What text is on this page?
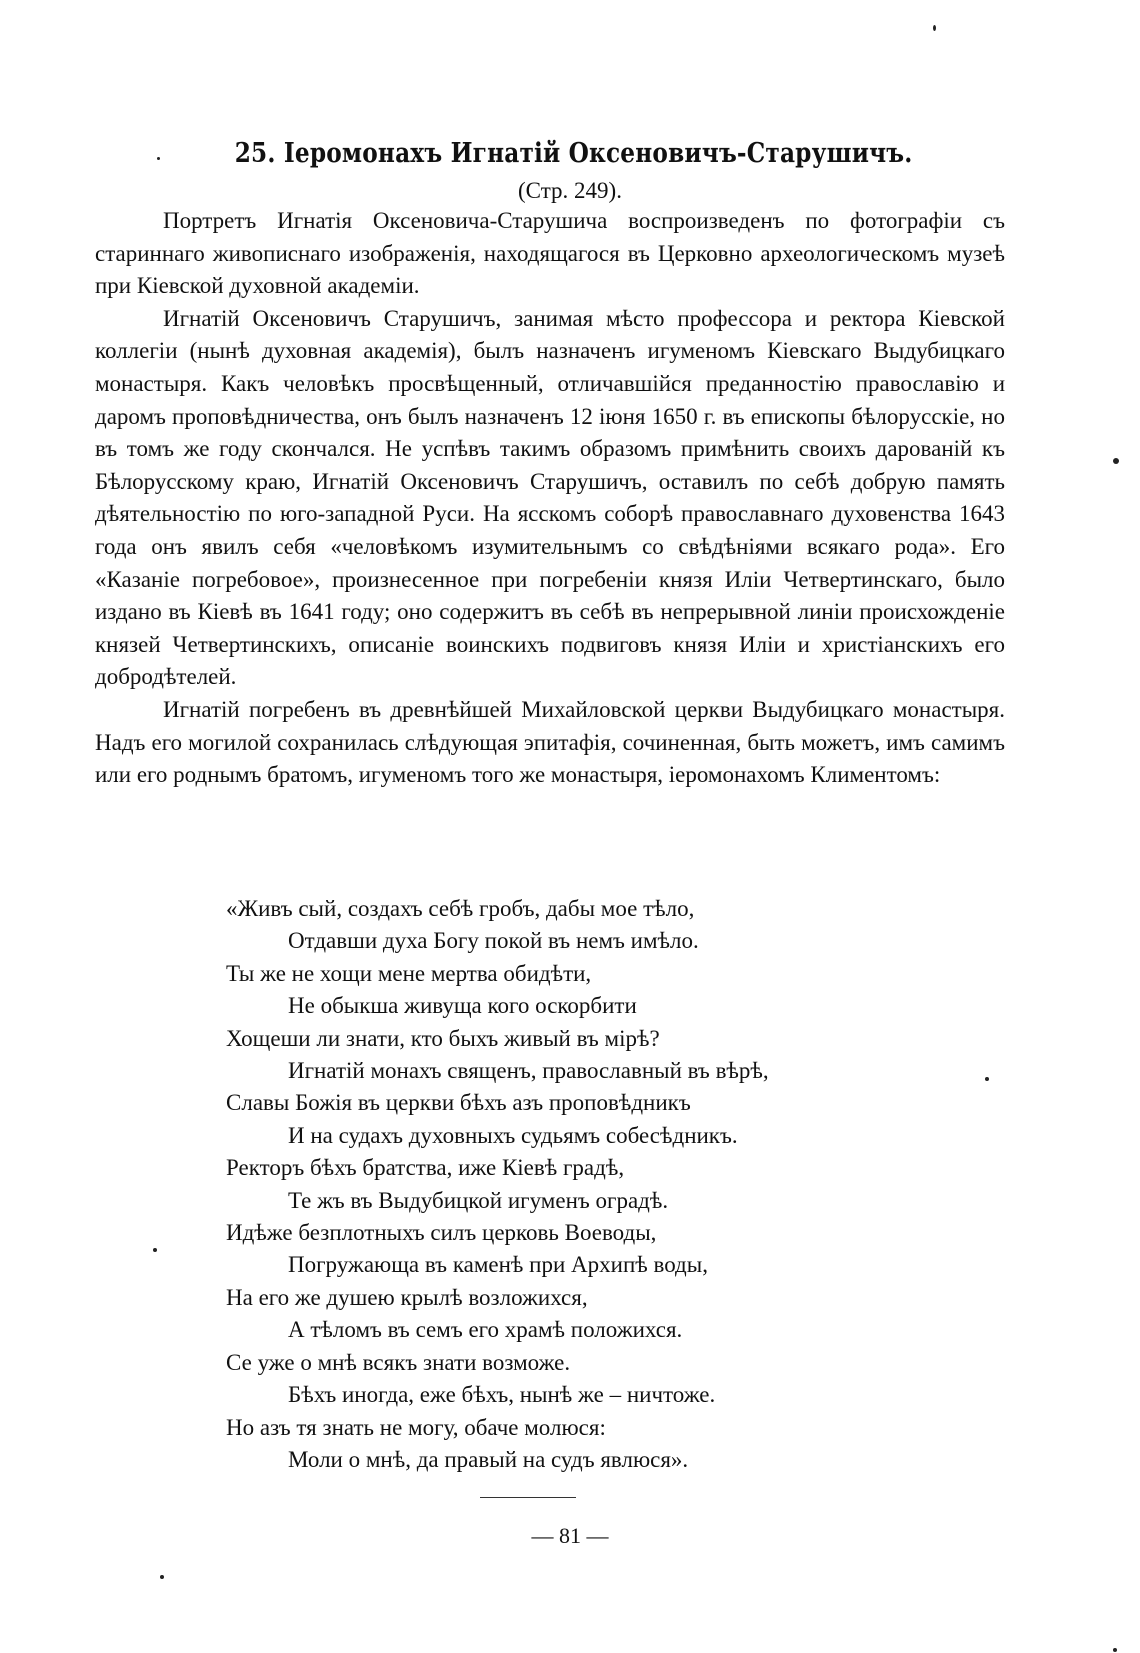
25. Іеромонахъ Игнатій Оксеновичъ-Старушичъ.
(Стр. 249).

Портретъ Игнатія Оксеновича-Старушича воспроизведенъ по фотографіи съ стариннаго живописнаго изображенія, находящагося въ Церковно археологическомъ музеѣ при Кіевской духовной академіи.

Игнатій Оксеновичъ Старушичъ, занимая мѣсто профессора и ректора Кіевской коллегіи (нынѣ духовная академія), былъ назначенъ игуменомъ Кіевскаго Выдубицкаго монастыря. Какъ человѣкъ просвѣщенный, отличавшійся преданностію православію и даромъ проповѣдничества, онъ былъ назначенъ 12 іюня 1650 г. въ епископы бѣлорусскіе, но въ томъ же году скончался. Не успѣвъ такимъ образомъ примѣнить своихъ дарованій къ Бѣлорусскому краю, Игнатій Оксеновичъ Старушичъ, оставилъ по себѣ добрую память дѣятельностію по юго-западной Руси. На ясскомъ соборѣ православнаго духовенства 1643 года онъ явилъ себя «человѣкомъ изумительнымъ со свѣдѣніями всякаго рода». Его «Казаніе погребовое», произнесенное при погребеніи князя Иліи Четвертинскаго, было издано въ Кіевѣ въ 1641 году; оно содержитъ въ себѣ въ непрерывной линіи происхожденіе князей Четвертинскихъ, описаніе воинскихъ подвиговъ князя Иліи и христіанскихъ его добродѣтелей.

Игнатій погребенъ въ древнѣйшей Михайловской церкви Выдубицкаго монастыря. Надъ его могилой сохранилась слѣдующая эпитафія, сочиненная, быть можетъ, имъ самимъ или его роднымъ братомъ, игуменомъ того же монастыря, іеромонахомъ Климентомъ:

«Живъ сый, создахъ себѣ гробъ, дабы мое тѣло,
Отдавши духа Богу покой въ немъ имѣло.
Ты же не хощи мене мертва обидѣти,
Не обыкша живуща кого оскорбити
Хощеши ли знати, кто быхъ живый въ мірѣ?
Игнатій монахъ священъ, православный въ вѣрѣ,
Славы Божія въ церкви бѣхъ азъ проповѣдникъ
И на судахъ духовныхъ судьямъ собесѣдникъ.
Ректоръ бѣхъ братства, иже Кіевѣ градѣ,
Те жъ въ Выдубицкой игуменъ оградѣ.
Идѣже безплотныхъ силъ церковь Воеводы,
Погружающа въ каменѣ при Архипѣ воды,
На его же душею крылѣ возложихся,
А тѣломъ въ семъ его храмѣ положихся.
Се уже о мнѣ всякъ знати возможе.
Бѣхъ иногда, еже бѣхъ, нынѣ же – ничтоже.
Но азъ тя знать не могу, обаче молюся:
Моли о мнѣ, да правый на судъ явлюся».
— 81 —
